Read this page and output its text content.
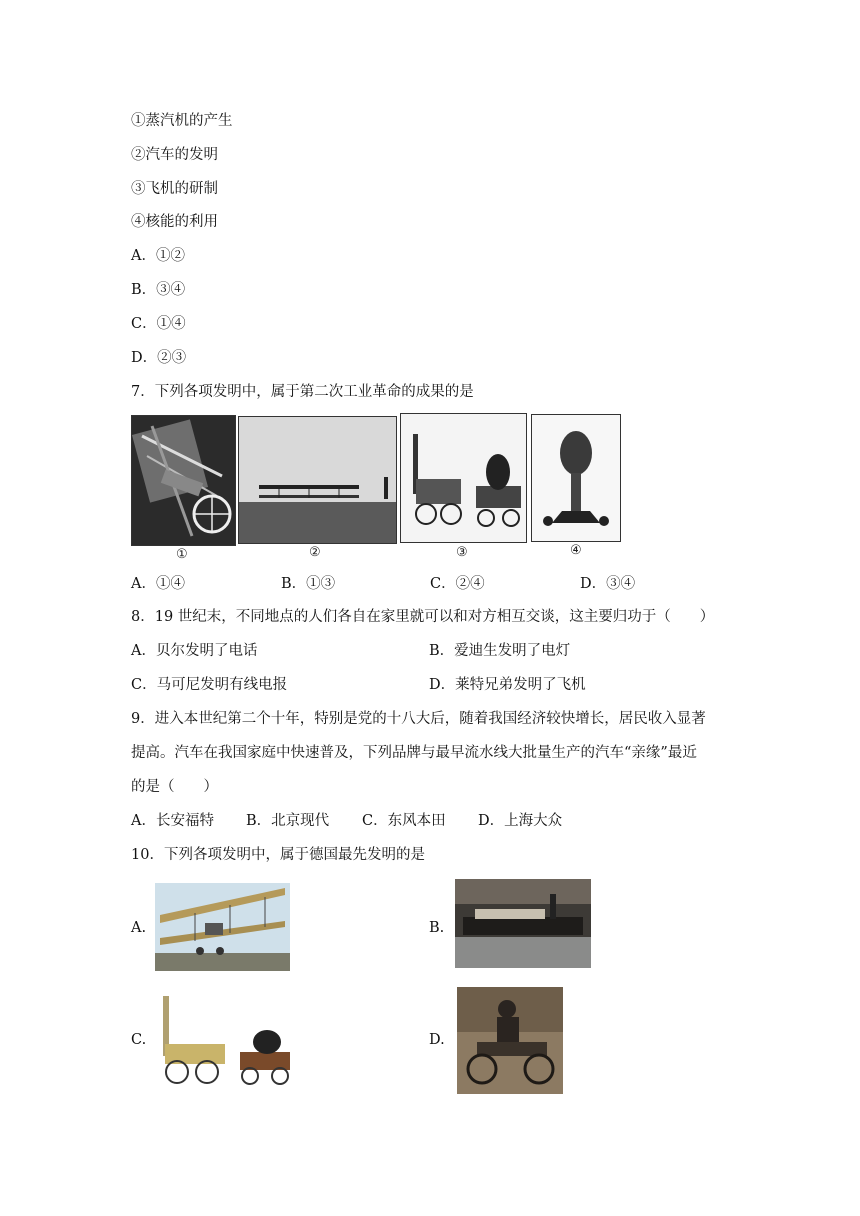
①蒸汽机的产生
②汽车的发明
③飞机的研制
④核能的利用
A．①②
B．③④
C．①④
D．②③
7．下列各项发明中，属于第二次工业革命的成果的是
①	②	③	④
A．①④	B．①③	C．②④	D．③④
8．19 世纪末，不同地点的人们各自在家里就可以和对方相互交谈，这主要归功于（　　）
A．贝尔发明了电话	B．爱迪生发明了电灯
C．马可尼发明有线电报	D．莱特兄弟发明了飞机
9．进入本世纪第二个十年，特别是党的十八大后，随着我国经济较快增长，居民收入显著
提高。汽车在我国家庭中快速普及，下列品牌与最早流水线大批量生产的汽车“亲缘”最近
的是（　　）
A．长安福特 B．北京现代 C．东风本田 D．上海大众
10．下列各项发明中，属于德国最先发明的是
A.	B.
C.	D.
